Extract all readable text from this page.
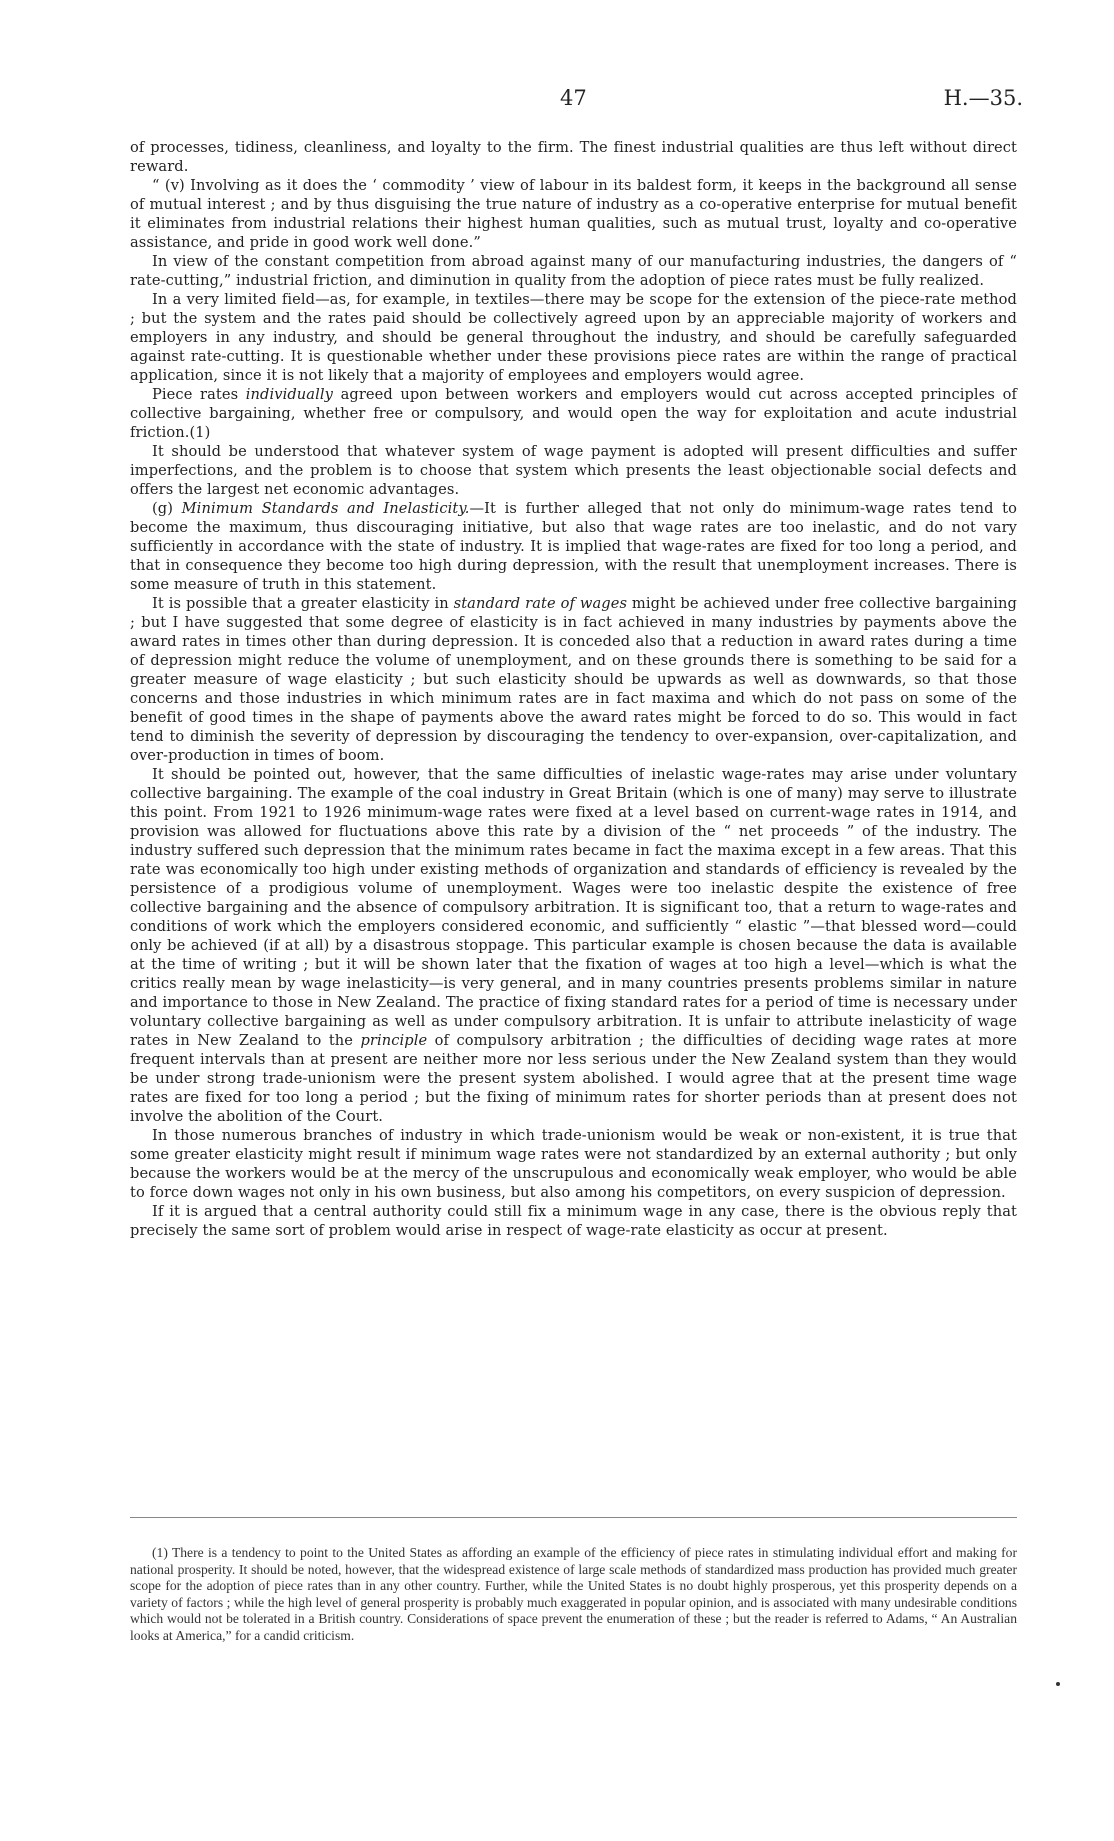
47	H.—35.

of processes, tidiness, cleanliness, and loyalty to the firm. The finest industrial qualities are thus left without direct reward.

“ (v) Involving as it does the ‘ commodity ’ view of labour in its baldest form, it keeps in the background all sense of mutual interest ; and by thus disguising the true nature of industry as a co-operative enterprise for mutual benefit it eliminates from industrial relations their highest human qualities, such as mutual trust, loyalty and co-operative assistance, and pride in good work well done.”

In view of the constant competition from abroad against many of our manufacturing industries, the dangers of “ rate-cutting,” industrial friction, and diminution in quality from the adoption of piece rates must be fully realized.

In a very limited field—as, for example, in textiles—there may be scope for the extension of the piece-rate method ; but the system and the rates paid should be collectively agreed upon by an appreciable majority of workers and employers in any industry, and should be general throughout the industry, and should be carefully safeguarded against rate-cutting. It is questionable whether under these provisions piece rates are within the range of practical application, since it is not likely that a majority of employees and employers would agree.

Piece rates individually agreed upon between workers and employers would cut across accepted principles of collective bargaining, whether free or compulsory, and would open the way for exploitation and acute industrial friction.(1)

It should be understood that whatever system of wage payment is adopted will present difficulties and suffer imperfections, and the problem is to choose that system which presents the least objectionable social defects and offers the largest net economic advantages.

(g) Minimum Standards and Inelasticity.—It is further alleged that not only do minimum-wage rates tend to become the maximum, thus discouraging initiative, but also that wage rates are too inelastic, and do not vary sufficiently in accordance with the state of industry. It is implied that wage-rates are fixed for too long a period, and that in consequence they become too high during depression, with the result that unemployment increases. There is some measure of truth in this statement.

It is possible that a greater elasticity in standard rate of wages might be achieved under free collective bargaining ; but I have suggested that some degree of elasticity is in fact achieved in many industries by payments above the award rates in times other than during depression. It is conceded also that a reduction in award rates during a time of depression might reduce the volume of unemployment, and on these grounds there is something to be said for a greater measure of wage elasticity ; but such elasticity should be upwards as well as downwards, so that those concerns and those industries in which minimum rates are in fact maxima and which do not pass on some of the benefit of good times in the shape of payments above the award rates might be forced to do so. This would in fact tend to diminish the severity of depression by discouraging the tendency to over-expansion, over-capitalization, and over-production in times of boom.

It should be pointed out, however, that the same difficulties of inelastic wage-rates may arise under voluntary collective bargaining. The example of the coal industry in Great Britain (which is one of many) may serve to illustrate this point. From 1921 to 1926 minimum-wage rates were fixed at a level based on current-wage rates in 1914, and provision was allowed for fluctuations above this rate by a division of the “ net proceeds ” of the industry. The industry suffered such depression that the minimum rates became in fact the maxima except in a few areas. That this rate was economically too high under existing methods of organization and standards of efficiency is revealed by the persistence of a prodigious volume of unemployment. Wages were too inelastic despite the existence of free collective bargaining and the absence of compulsory arbitration. It is significant too, that a return to wage-rates and conditions of work which the employers considered economic, and sufficiently “ elastic ”—that blessed word—could only be achieved (if at all) by a disastrous stoppage. This particular example is chosen because the data is available at the time of writing ; but it will be shown later that the fixation of wages at too high a level—which is what the critics really mean by wage inelasticity—is very general, and in many countries presents problems similar in nature and importance to those in New Zealand. The practice of fixing standard rates for a period of time is necessary under voluntary collective bargaining as well as under compulsory arbitration. It is unfair to attribute inelasticity of wage rates in New Zealand to the principle of compulsory arbitration ; the difficulties of deciding wage rates at more frequent intervals than at present are neither more nor less serious under the New Zealand system than they would be under strong trade-unionism were the present system abolished. I would agree that at the present time wage rates are fixed for too long a period ; but the fixing of minimum rates for shorter periods than at present does not involve the abolition of the Court.

In those numerous branches of industry in which trade-unionism would be weak or non-existent, it is true that some greater elasticity might result if minimum wage rates were not standardized by an external authority ; but only because the workers would be at the mercy of the unscrupulous and economically weak employer, who would be able to force down wages not only in his own business, but also among his competitors, on every suspicion of depression.

If it is argued that a central authority could still fix a minimum wage in any case, there is the obvious reply that precisely the same sort of problem would arise in respect of wage-rate elasticity as occur at present.

(1) There is a tendency to point to the United States as affording an example of the efficiency of piece rates in stimulating individual effort and making for national prosperity. It should be noted, however, that the widespread existence of large scale methods of standardized mass production has provided much greater scope for the adoption of piece rates than in any other country. Further, while the United States is no doubt highly prosperous, yet this prosperity depends on a variety of factors ; while the high level of general prosperity is probably much exaggerated in popular opinion, and is associated with many undesirable conditions which would not be tolerated in a British country. Considerations of space prevent the enumeration of these ; but the reader is referred to Adams, “ An Australian looks at America,” for a candid criticism.
